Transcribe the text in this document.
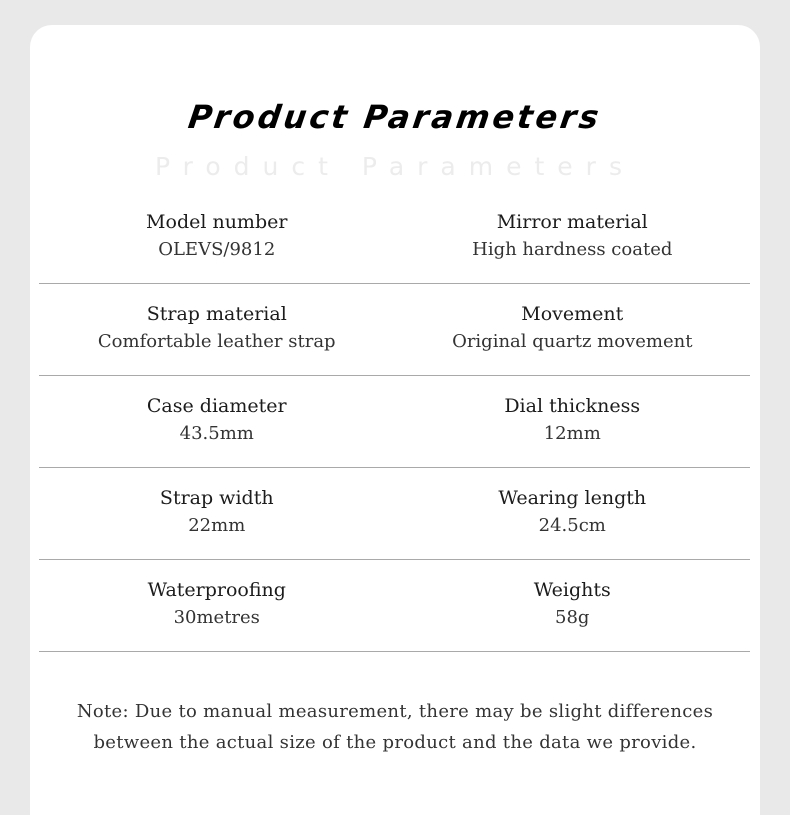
Product Parameters
Product Parameters
Model number
OLEVS/9812
Mirror material
High hardness coated
Strap material
Comfortable leather strap
Movement
Original quartz movement
Case diameter
43.5mm
Dial thickness
12mm
Strap width
22mm
Wearing length
24.5cm
Waterproofing
30metres
Weights
58g
Note: Due to manual measurement, there may be slight differences
between the actual size of the product and the data we provide.
